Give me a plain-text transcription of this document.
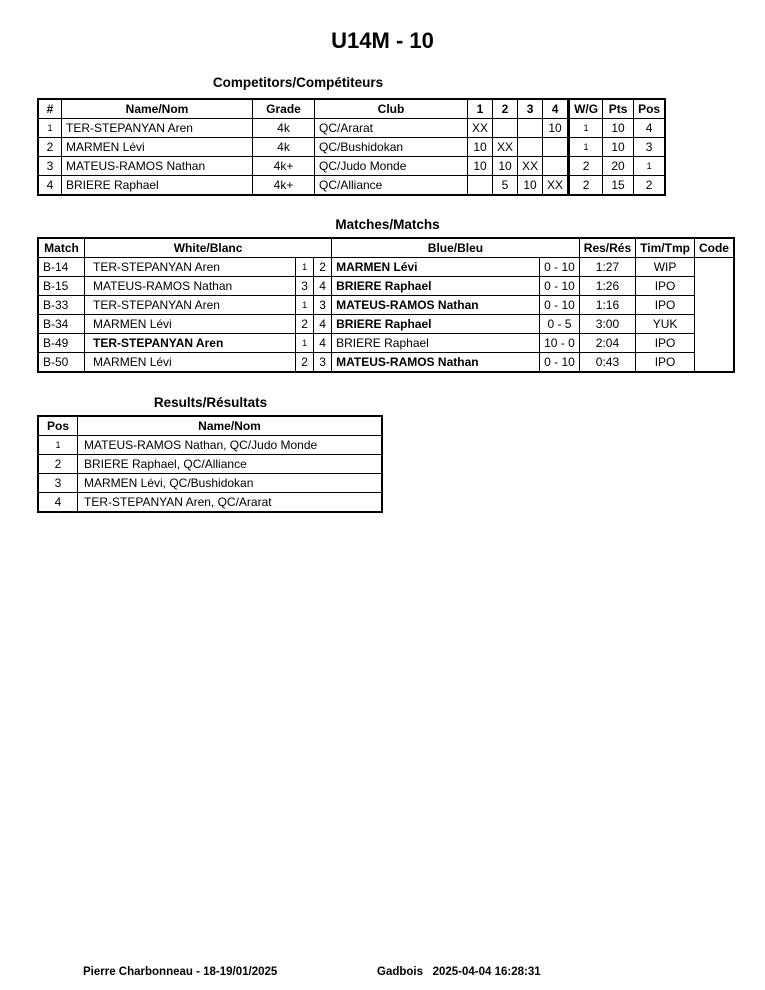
U14M - 10
Competitors/Compétiteurs
#	Name/Nom	Grade	Club	1	2	3	4	W/G	Pts	Pos
1	TER-STEPANYAN Aren	4k	QC/Ararat	XX			10	1	10	4
2	MARMEN Lévi	4k	QC/Bushidokan	10	XX			1	10	3
3	MATEUS-RAMOS Nathan	4k+	QC/Judo Monde	10	10	XX		2	20	1
4	BRIERE Raphael	4k+	QC/Alliance		5	10	XX	2	15	2
Matches/Matchs
Match	White/Blanc			Blue/Bleu		Res/Rés	Tim/Tmp	Code
B-14	TER-STEPANYAN Aren	1	2	MARMEN Lévi	0 - 10	1:27	WIP	
B-15	MATEUS-RAMOS Nathan	3	4	BRIERE Raphael	0 - 10	1:26	IPO	
B-33	TER-STEPANYAN Aren	1	3	MATEUS-RAMOS Nathan	0 - 10	1:16	IPO	
B-34	MARMEN Lévi	2	4	BRIERE Raphael	0 - 5	3:00	YUK	
B-49	TER-STEPANYAN Aren	1	4	BRIERE Raphael	10 - 0	2:04	IPO	
B-50	MARMEN Lévi	2	3	MATEUS-RAMOS Nathan	0 - 10	0:43	IPO	
Results/Résultats
Pos	Name/Nom
1	MATEUS-RAMOS Nathan, QC/Judo Monde
2	BRIERE Raphael, QC/Alliance
3	MARMEN Lévi, QC/Bushidokan
4	TER-STEPANYAN Aren, QC/Ararat
Pierre Charbonneau - 18-19/01/2025	Gadbois   2025-04-04 16:28:31
